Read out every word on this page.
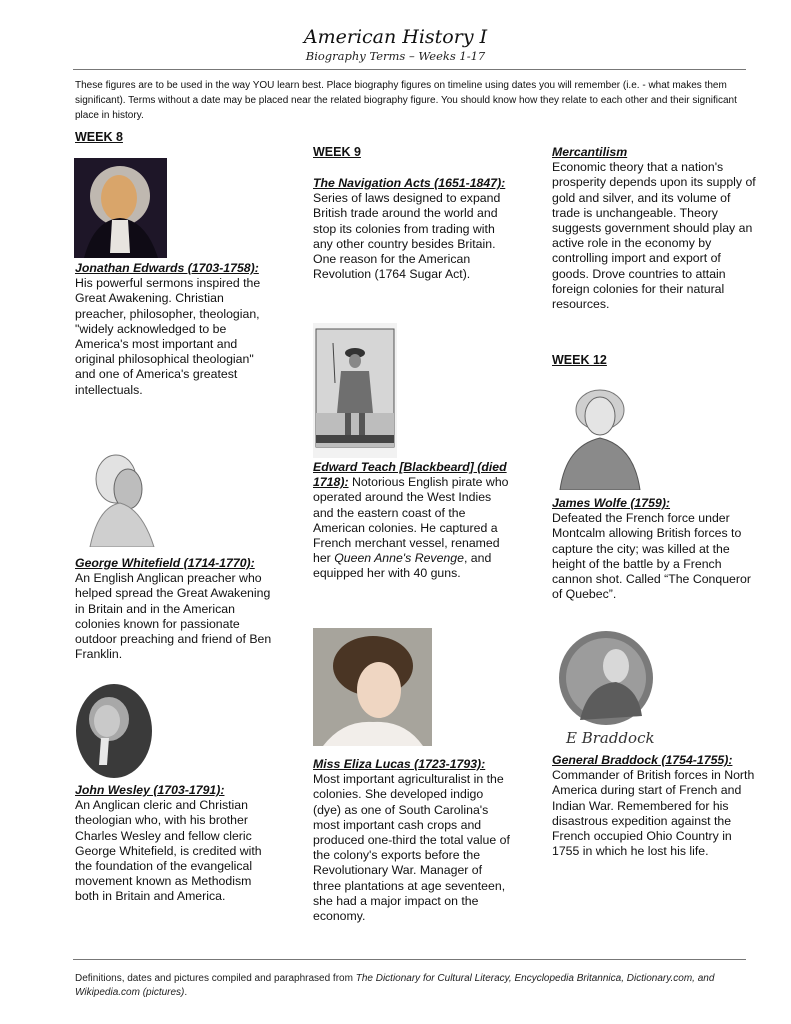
American History I
Biography Terms – Weeks 1-17
These figures are to be used in the way YOU learn best. Place biography figures on timeline using dates you will remember (i.e. - what makes them significant). Terms without a date may be placed near the related biography figure. You should know how they relate to each other and their significant place in history.
WEEK 8
Jonathan Edwards (1703-1758):
His powerful sermons inspired the Great Awakening. Christian preacher, philosopher, theologian, "widely acknowledged to be America's most important and original philosophical theologian" and one of America's greatest intellectuals.
George Whitefield (1714-1770):
An English Anglican preacher who helped spread the Great Awakening in Britain and in the American colonies known for passionate outdoor preaching and friend of Ben Franklin.
John Wesley (1703-1791):
An Anglican cleric and Christian theologian who, with his brother Charles Wesley and fellow cleric George Whitefield, is credited with the foundation of the evangelical movement known as Methodism both in Britain and America.
WEEK 9
The Navigation Acts (1651-1847): Series of laws designed to expand British trade around the world and stop its colonies from trading with any other country besides Britain. One reason for the American Revolution (1764 Sugar Act).
Edward Teach [Blackbeard] (died 1718): Notorious English pirate who operated around the West Indies and the eastern coast of the American colonies. He captured a French merchant vessel, renamed her Queen Anne's Revenge, and equipped her with 40 guns.
Miss Eliza Lucas (1723-1793):
Most important agriculturalist in the colonies. She developed indigo (dye) as one of South Carolina's most important cash crops and produced one-third the total value of the colony's exports before the Revolutionary War. Manager of three plantations at age seventeen, she had a major impact on the economy.
Mercantilism
Economic theory that a nation's prosperity depends upon its supply of gold and silver, and its volume of trade is unchangeable. Theory suggests government should play an active role in the economy by controlling import and export of goods. Drove countries to attain foreign colonies for their natural resources.
WEEK 12
James Wolfe (1759):
Defeated the French force under Montcalm allowing British forces to capture the city; was killed at the height of the battle by a French cannon shot. Called “The Conqueror of Quebec”.
E Braddock
General Braddock (1754-1755):
Commander of British forces in North America during start of French and Indian War. Remembered for his disastrous expedition against the French occupied Ohio Country in 1755 in which he lost his life.
Definitions, dates and pictures compiled and paraphrased from The Dictionary for Cultural Literacy, Encyclopedia Britannica, Dictionary.com, and Wikipedia.com (pictures).
